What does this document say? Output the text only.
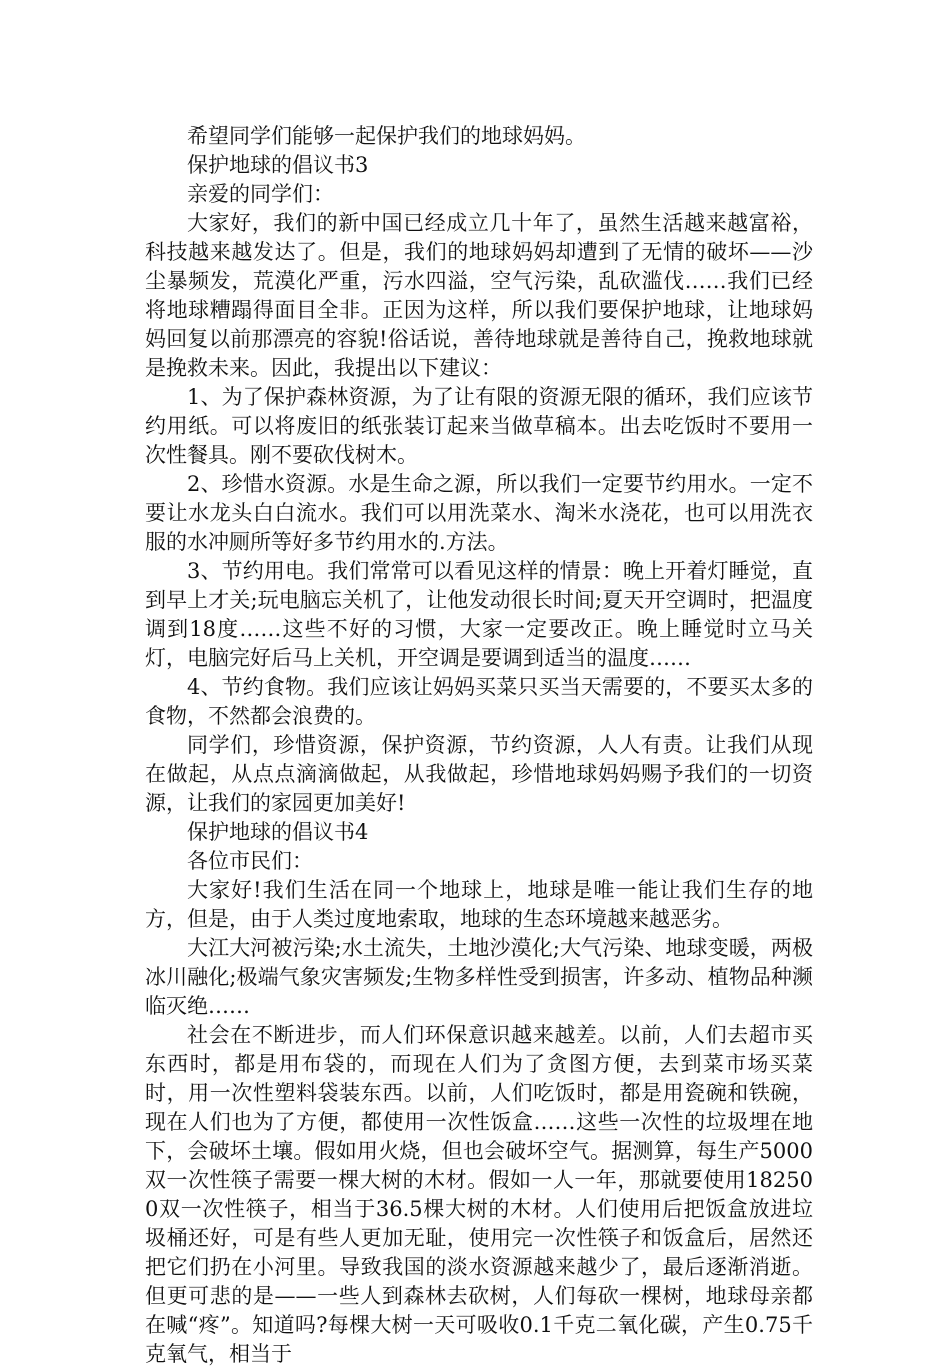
希望同学们能够一起保护我们的地球妈妈。

保护地球的倡议书3

亲爱的同学们：

大家好，我们的新中国已经成立几十年了，虽然生活越来越富裕，科技越来越发达了。但是，我们的地球妈妈却遭到了无情的破坏——沙尘暴频发，荒漠化严重，污水四溢，空气污染，乱砍滥伐……我们已经将地球糟蹋得面目全非。正因为这样，所以我们要保护地球，让地球妈妈回复以前那漂亮的容貌!俗话说，善待地球就是善待自己，挽救地球就是挽救未来。因此，我提出以下建议：

1、为了保护森林资源，为了让有限的资源无限的循环，我们应该节约用纸。可以将废旧的纸张装订起来当做草稿本。出去吃饭时不要用一次性餐具。刚不要砍伐树木。

2、珍惜水资源。水是生命之源，所以我们一定要节约用水。一定不要让水龙头白白流水。我们可以用洗菜水、淘米水浇花，也可以用洗衣服的水冲厕所等好多节约用水的.方法。

3、节约用电。我们常常可以看见这样的情景：晚上开着灯睡觉，直到早上才关;玩电脑忘关机了，让他发动很长时间;夏天开空调时，把温度调到18度……这些不好的习惯，大家一定要改正。晚上睡觉时立马关灯，电脑完好后马上关机，开空调是要调到适当的温度……

4、节约食物。我们应该让妈妈买菜只买当天需要的，不要买太多的食物，不然都会浪费的。

同学们，珍惜资源，保护资源，节约资源，人人有责。让我们从现在做起，从点点滴滴做起，从我做起，珍惜地球妈妈赐予我们的一切资源，让我们的家园更加美好!

保护地球的倡议书4

各位市民们：

大家好!我们生活在同一个地球上，地球是唯一能让我们生存的地方，但是，由于人类过度地索取，地球的生态环境越来越恶劣。

大江大河被污染;水土流失，土地沙漠化;大气污染、地球变暖，两极冰川融化;极端气象灾害频发;生物多样性受到损害，许多动、植物品种濒临灭绝……

社会在不断进步，而人们环保意识越来越差。以前，人们去超市买东西时，都是用布袋的，而现在人们为了贪图方便，去到菜市场买菜时，用一次性塑料袋装东西。以前，人们吃饭时，都是用瓷碗和铁碗，现在人们也为了方便，都使用一次性饭盒……这些一次性的垃圾埋在地下，会破坏土壤。假如用火烧，但也会破坏空气。据测算，每生产5000双一次性筷子需要一棵大树的木材。假如一人一年，那就要使用182500双一次性筷子，相当于36.5棵大树的木材。人们使用后把饭盒放进垃圾桶还好，可是有些人更加无耻，使用完一次性筷子和饭盒后，居然还把它们扔在小河里。导致我国的淡水资源越来越少了，最后逐渐消逝。但更可悲的是——一些人到森林去砍树，人们每砍一棵树，地球母亲都在喊“疼”。知道吗?每棵大树一天可吸收0.1千克二氧化碳，产生0.75千克氧气，相当于
